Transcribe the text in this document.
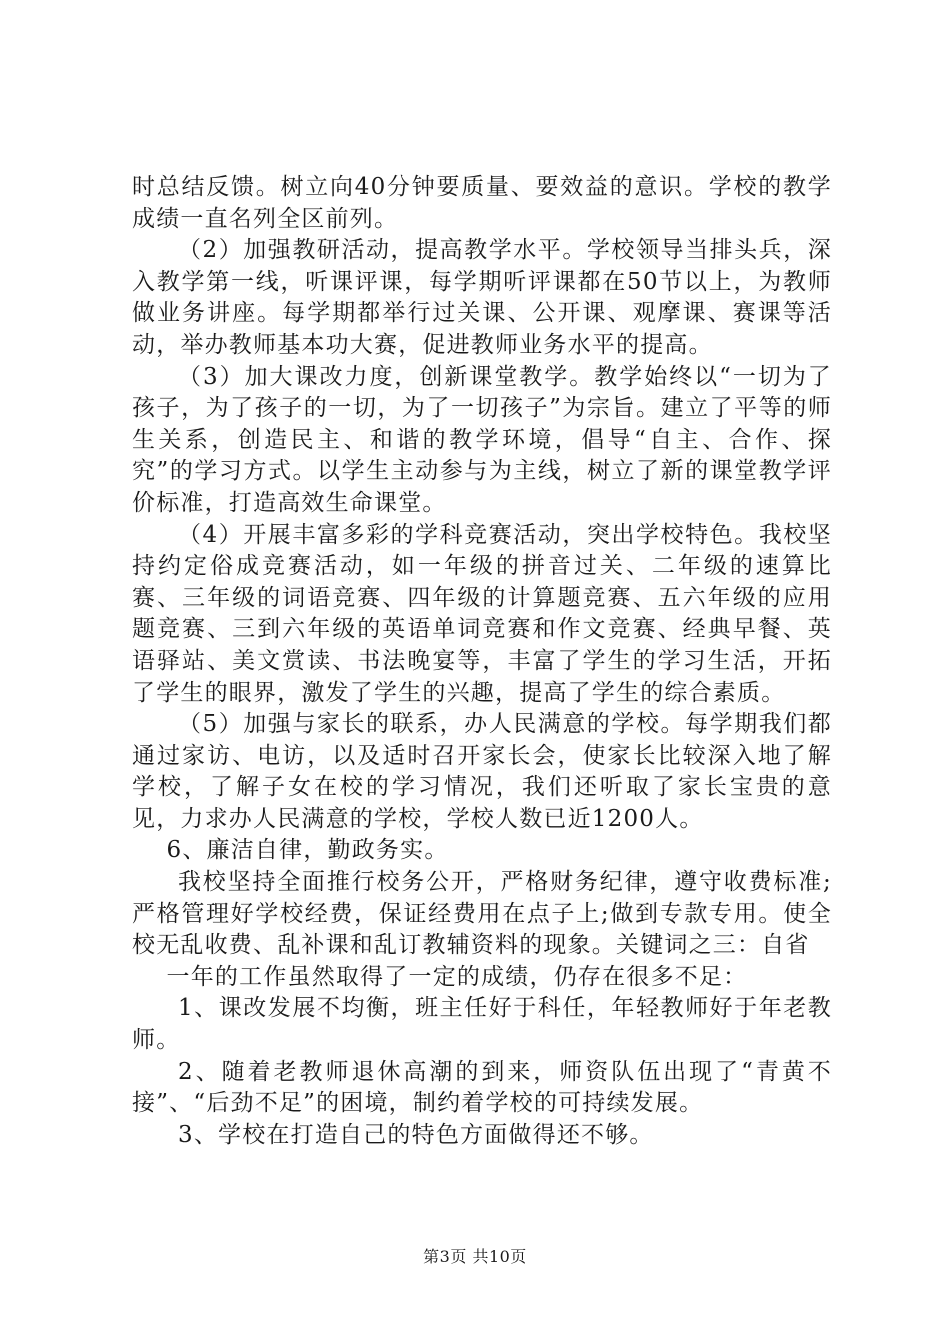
时总结反馈。树立向40分钟要质量、要效益的意识。学校的教学成绩一直名列全区前列。

（2）加强教研活动，提高教学水平。学校领导当排头兵，深入教学第一线，听课评课，每学期听评课都在50节以上，为教师做业务讲座。每学期都举行过关课、公开课、观摩课、赛课等活动，举办教师基本功大赛，促进教师业务水平的提高。

（3）加大课改力度，创新课堂教学。教学始终以“一切为了孩子，为了孩子的一切，为了一切孩子”为宗旨。建立了平等的师生关系，创造民主、和谐的教学环境，倡导“自主、合作、探究”的学习方式。以学生主动参与为主线，树立了新的课堂教学评价标准，打造高效生命课堂。

（4）开展丰富多彩的学科竞赛活动，突出学校特色。我校坚持约定俗成竞赛活动，如一年级的拼音过关、二年级的速算比赛、三年级的词语竞赛、四年级的计算题竞赛、五六年级的应用题竞赛、三到六年级的英语单词竞赛和作文竞赛、经典早餐、英语驿站、美文赏读、书法晚宴等，丰富了学生的学习生活，开拓了学生的眼界，激发了学生的兴趣，提高了学生的综合素质。

（5）加强与家长的联系，办人民满意的学校。每学期我们都通过家访、电访，以及适时召开家长会，使家长比较深入地了解学校，了解子女在校的学习情况，我们还听取了家长宝贵的意见，力求办人民满意的学校，学校人数已近1200人。

6、廉洁自律，勤政务实。

我校坚持全面推行校务公开，严格财务纪律，遵守收费标准;严格管理好学校经费，保证经费用在点子上;做到专款专用。使全校无乱收费、乱补课和乱订教辅资料的现象。关键词之三：自省

一年的工作虽然取得了一定的成绩，仍存在很多不足：

1、课改发展不均衡，班主任好于科任，年轻教师好于年老教师。

2、随着老教师退休高潮的到来，师资队伍出现了“青黄不接”、“后劲不足”的困境，制约着学校的可持续发展。

3、学校在打造自己的特色方面做得还不够。

第3页 共10页
